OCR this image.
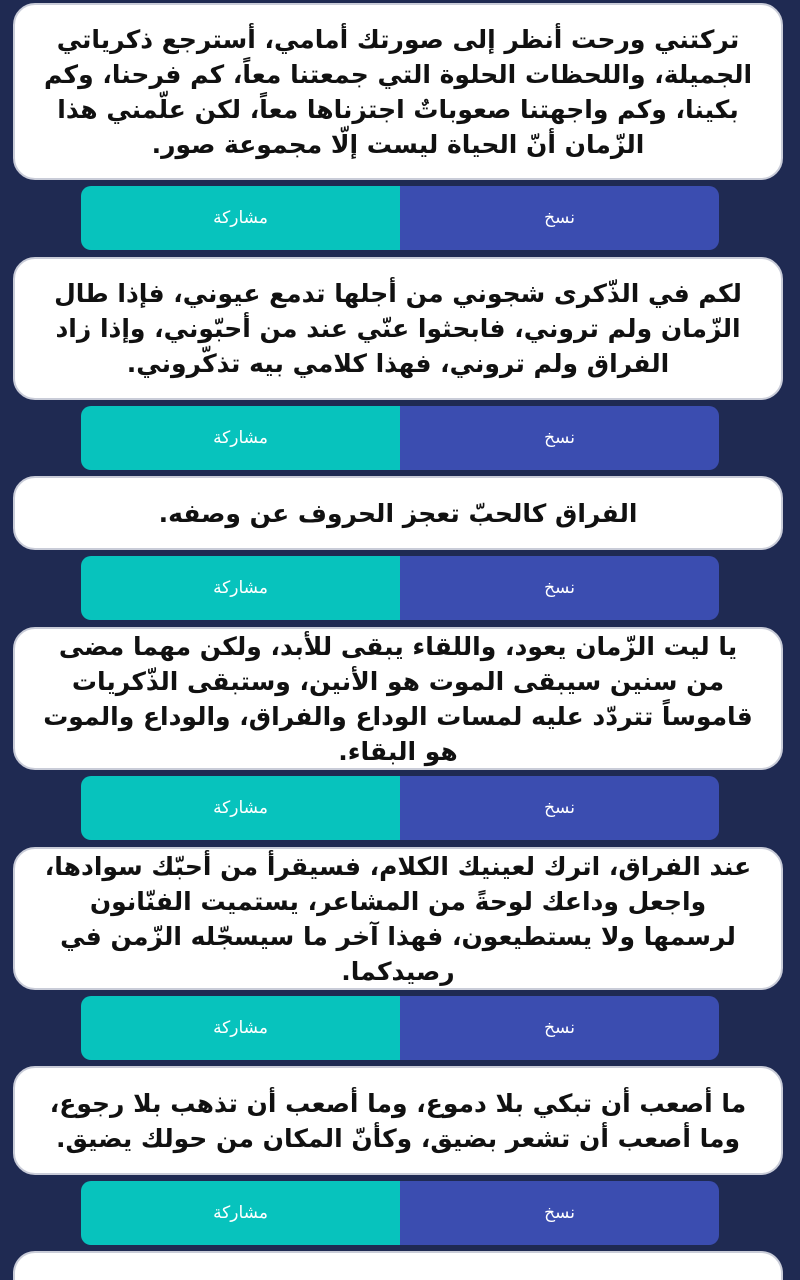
تركتني ورحت أنظر إلى صورتك أمامي، أسترجع ذكرياتي الجميلة، واللحظات الحلوة التي جمعتنا معاً، كم فرحنا، وكم بكينا، وكم واجهتنا صعوباتٌ اجتزناها معاً، لكن علّمني هذا الزّمان أنّ الحياة ليست إلّا مجموعة صور.

مشاركة	نسخ

لكم في الذّكرى شجوني من أجلها تدمع عيوني، فإذا طال الزّمان ولم تروني، فابحثوا عنّي عند من أحبّوني، وإذا زاد الفراق ولم تروني، فهذا كلامي بيه تذكّروني.

مشاركة	نسخ

الفراق كالحبّ تعجز الحروف عن وصفه.

مشاركة	نسخ

يا ليت الزّمان يعود، واللقاء يبقى للأبد، ولكن مهما مضى من سنين سيبقى الموت هو الأنين، وستبقى الذّكريات قاموساً تتردّد عليه لمسات الوداع والفراق، والوداع والموت هو البقاء.

مشاركة	نسخ

عند الفراق، اترك لعينيك الكلام، فسيقرأ من أحبّك سوادها، واجعل وداعك لوحةً من المشاعر، يستميت الفنّانون لرسمها ولا يستطيعون، فهذا آخر ما سيسجّله الزّمن في رصيدكما.

مشاركة	نسخ

ما أصعب أن تبكي بلا دموع، وما أصعب أن تذهب بلا رجوع، وما أصعب أن تشعر بضيق، وكأنّ المكان من حولك يضيق.

مشاركة	نسخ
